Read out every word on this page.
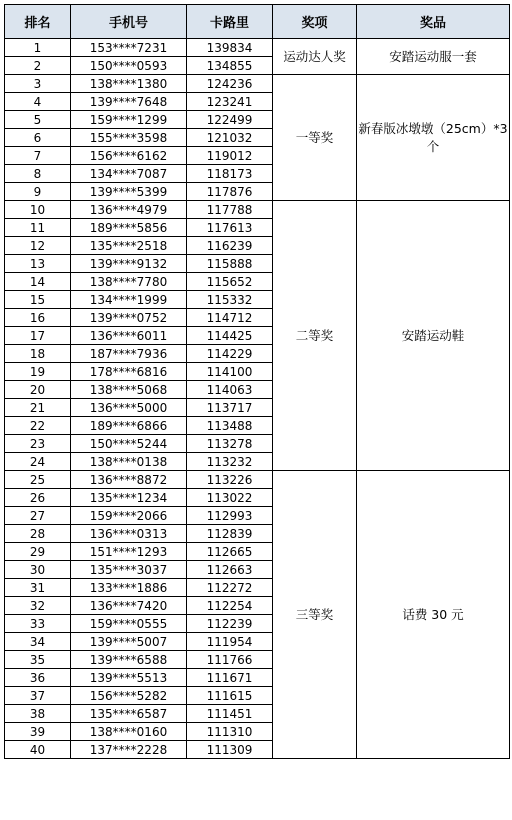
排名	手机号	卡路里	奖项	奖品
1	153****7231	139834	运动达人奖	安踏运动服一套
2	150****0593	134855		
3	138****1380	124236	一等奖	新春版冰墩墩（25cm）*3 个
4	139****7648	123241		
5	159****1299	122499		
6	155****3598	121032		
7	156****6162	119012		
8	134****7087	118173		
9	139****5399	117876		
10	136****4979	117788	二等奖	安踏运动鞋
11	189****5856	117613		
12	135****2518	116239		
13	139****9132	115888		
14	138****7780	115652		
15	134****1999	115332		
16	139****0752	114712		
17	136****6011	114425		
18	187****7936	114229		
19	178****6816	114100		
20	138****5068	114063		
21	136****5000	113717		
22	189****6866	113488		
23	150****5244	113278		
24	138****0138	113232		
25	136****8872	113226	三等奖	话费 30 元
26	135****1234	113022		
27	159****2066	112993		
28	136****0313	112839		
29	151****1293	112665		
30	135****3037	112663		
31	133****1886	112272		
32	136****7420	112254		
33	159****0555	112239		
34	139****5007	111954		
35	139****6588	111766		
36	139****5513	111671		
37	156****5282	111615		
38	135****6587	111451		
39	138****0160	111310		
40	137****2228	111309		
